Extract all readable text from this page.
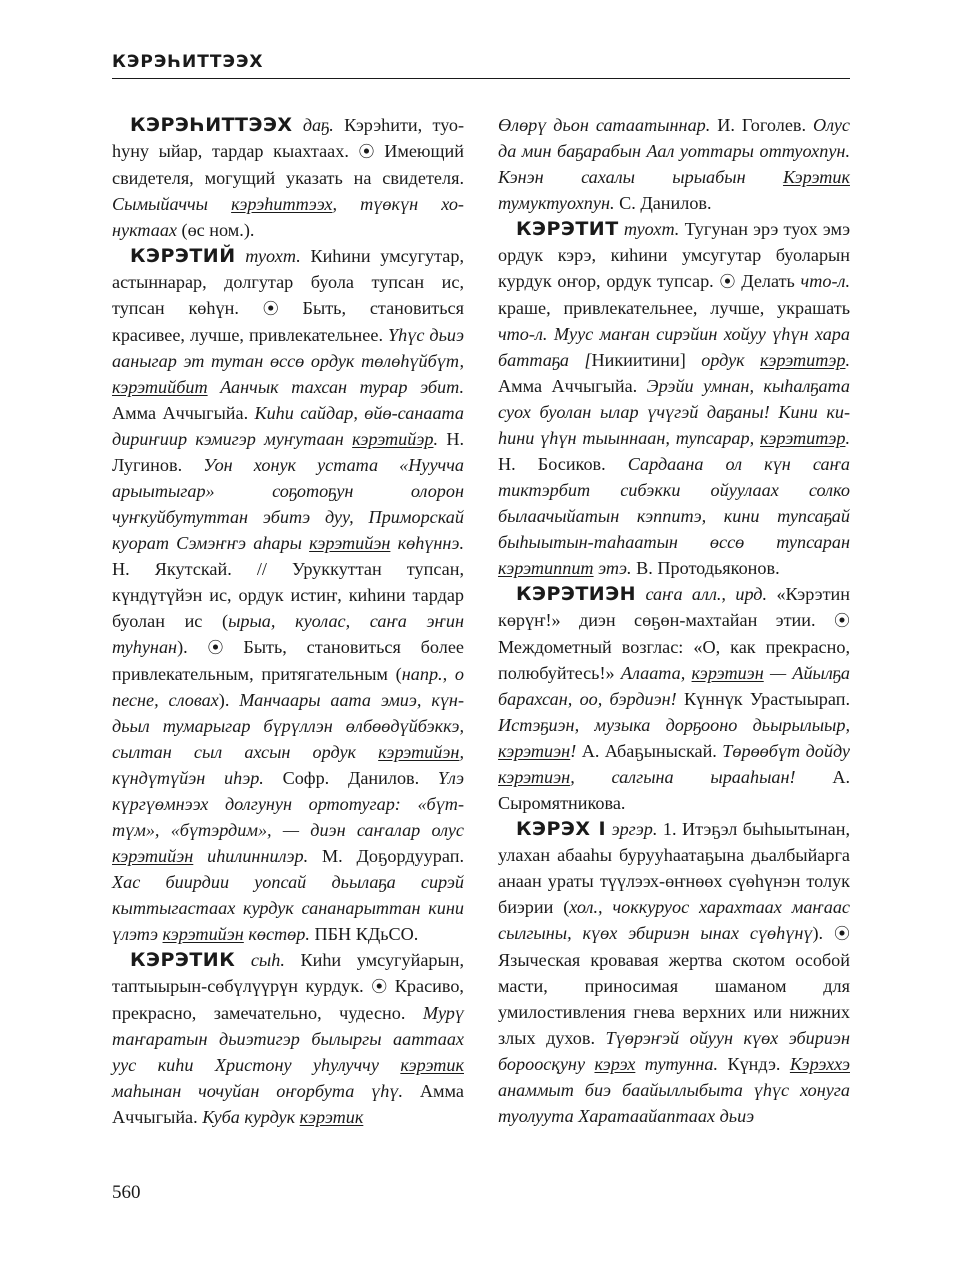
КЭРЭҺИТТЭЭХ

КЭРЭҺИТТЭЭХ даҕ. Кэрэһити, туоһуну ыйар, тардар кыахтаах. ⦿ Имеющий свидетеля, могущий указать на свидетеля. Сымыйаччы кэрэһиттээх, түөкүн хонуктаах (өс ном.).

КЭРЭТИЙ туохт. Киһини умсугутар, астыннарар, долгутар буола тупсан ис, тупсан көһүн. ⦿ Быть, становиться красивее, лучше, привлекательнее. Үһүс дьиэ ааныгар эт тутан өссө ордук төлөһүйбүт, кэрэтийбит Аанчык тахсан турар эбит. Амма Аччыгыйа. Киһи сайдар, өйө-санаата дириҥиир кэмигэр муҥутаан кэрэтийэр. Н. Лугинов. Уон хонук устата «Нуучча арыытыгар» соҕотоҕун олорон чуҥкуйбутуттан эбитэ дуу, Приморскай куорат Сэмэҥҥэ аһары кэрэтийэн көһүннэ. Н. Якутскай. // Уруккуттан тупсан, күндүтүйэн ис, ордук истиҥ, киһини тардар буолан ис (ырыа, куолас, саҥа эҥин туһунан). ⦿ Быть, становиться более привлекательным, притягательным (напр., о песне, словах). Манчаары аата эмиэ, күн-дьыл тумарыгар бүрүллэн өлбөөдүйбэккэ, сылтан сыл ахсын ордук кэрэтийэн, күндүтүйэн иһэр. Софр. Данилов. Үлэ күргүөмнээх долгунун ортотугар: «бүттүм», «бүтэрдим», — диэн саҥалар олус кэрэтийэн иһилиннилэр. М. Доҕордуурап. Хас биирдии уопсай дьылаҕа сирэй кыттыгастаах курдук сананарыттан кини үлэтэ кэрэтийэн көстөр. ПБН КДьСО.

КЭРЭТИК сыһ. Киһи умсугуйарын, таптыырын-сөбүлүүрүн курдук. ⦿ Красиво, прекрасно, замечательно, чудесно. Мурү таҥаратын дьиэтигэр былыргы ааттаах уус киһи Христону уһулуччу кэрэтик маһынан чочуйан оҥорбута үһү. Амма Аччыгыйа. Куба курдук кэрэтик

Өлөрү дьон сатаатыннар. И. Гоголев. Олус да мин баҕарабын Аал уоттары оттуохпун. Кэнэн сахалы ырыабын Кэрэтик тумуктуохпун. С. Данилов.

КЭРЭТИТ туохт. Тугунан эрэ туох эмэ ордук кэрэ, киһини умсугутар буоларын курдук оҥор, ордук тупсар. ⦿ Делать что-л. краше, привлекательнее, лучше, украшать что-л. Муус маҥан сирэйин хойуу үһүн хара баттаҕа [Никиитини] ордук кэрэтитэр. Амма Аччыгыйа. Эрэйи умнан, кыһалҕата суох буолан ылар үчүгэй даҕаны! Кини киһини үһүн тыыннаан, тупсарар, кэрэтитэр. Н. Босиков. Сардаана ол күн саҥа тиктэрбит сибэкки ойуулаах солко былаачыйатын кэппитэ, кини тупсаҕай быһыытын-таһаатын өссө тупсаран кэрэтиппит этэ. В. Протодьяконов.

КЭРЭТИЭН саҥа алл., ирд. «Кэрэтин көрүҥ!» диэн сөҕөн-махтайан этии. ⦿ Междометный возглас: «О, как прекрасно, полюбуйтесь!» Алаата, кэрэтиэн — Айылҕа барахсан, оо, бэрдиэн! Күннүк Урастыырап. Истэҕиэн, музыка дорҕооно дьырылыыр, кэрэтиэн! А. Абаҕыныскай. Төрөөбүт дойду кэрэтиэн, салгына ырааһыан! А. Сыромятникова.

КЭРЭХ I эргэр. 1. Итэҕэл быһыытынан, улахан абааһы бурууһаатаҕына дьалбыйарга анаан ураты түүлээх-өҥнөөх сүөһүнэн толук биэрии (хол., чоккуруос харахтаах маҥаас сылгыны, күөх эбириэн ынах сүөһүнү). ⦿ Языческая кровавая жертва скотом особой масти, приносимая шаманом для умилостивления гнева верхних или нижних злых духов. Түөрэҥэй ойуун күөх эбириэн бороосқуну кэрэх тутунна. Күндэ. Кэрэххэ анаммыт биэ баайыллыбыта үһүс хонуга туолуута Харатаайаптаах дьиэ

560
